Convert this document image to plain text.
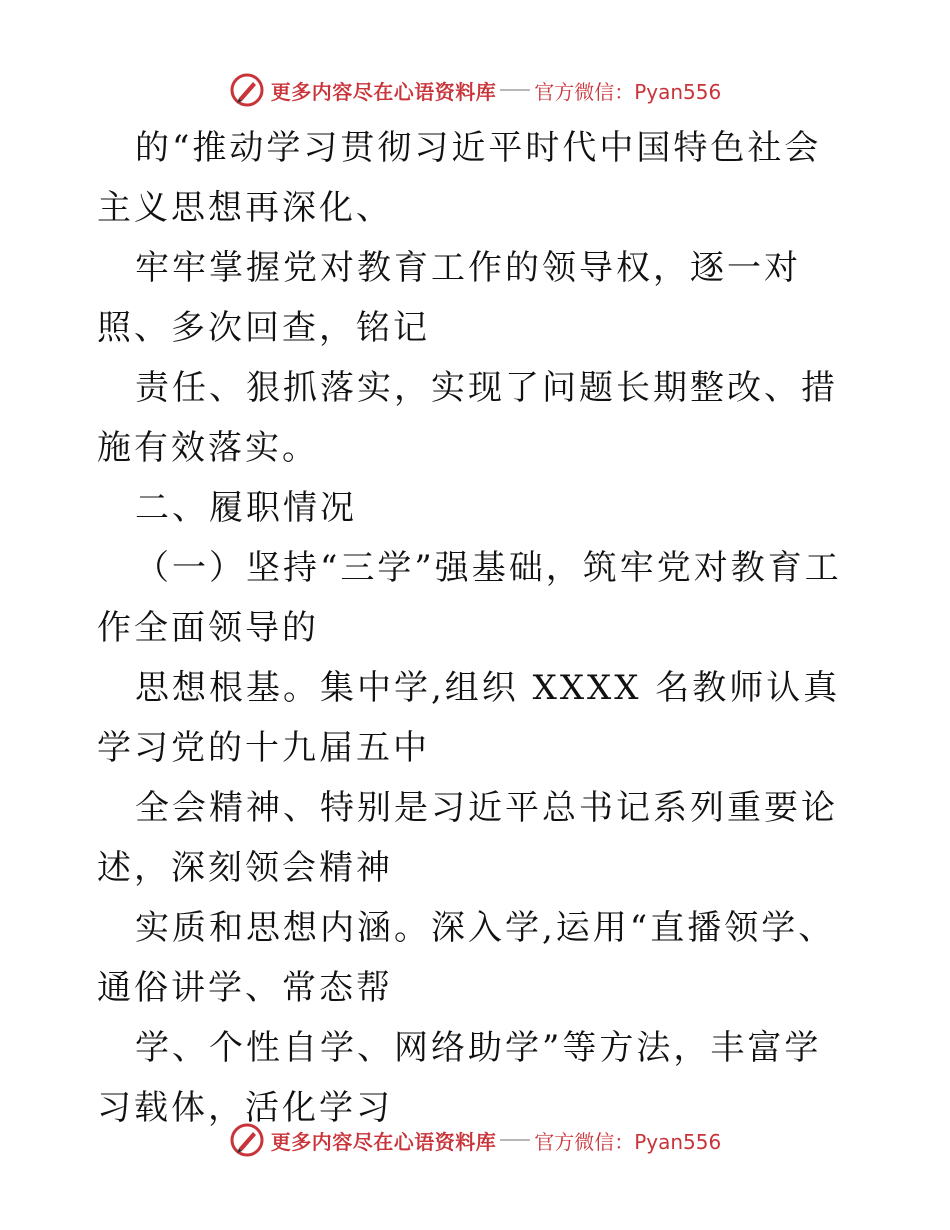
更多内容尽在心语资料库 官方微信：Pyan556

的“推动学习贯彻习近平时代中国特色社会主义思想再深化、

牢牢掌握党对教育工作的领导权，逐一对照、多次回查，铭记

责任、狠抓落实，实现了问题长期整改、措施有效落实。

二、履职情况

（一）坚持“三学”强基础，筑牢党对教育工作全面领导的

思想根基。集中学,组织 XXXX 名教师认真学习党的十九届五中

全会精神、特别是习近平总书记系列重要论述，深刻领会精神

实质和思想内涵。深入学,运用“直播领学、通俗讲学、常态帮

学、个性自学、网络助学”等方法，丰富学习载体，活化学习

更多内容尽在心语资料库 官方微信：Pyan556
